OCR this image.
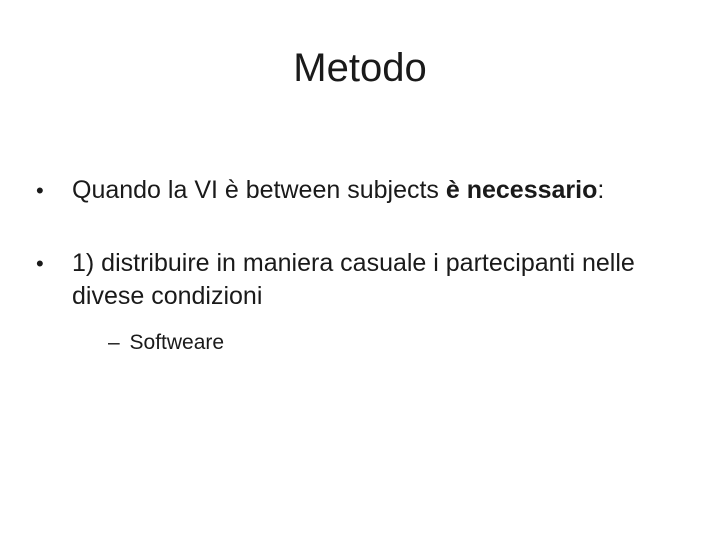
Metodo
•	Quando la VI è between subjects è necessario:
•	1) distribuire in maniera casuale i partecipanti nelle divese condizioni
– Softweare
